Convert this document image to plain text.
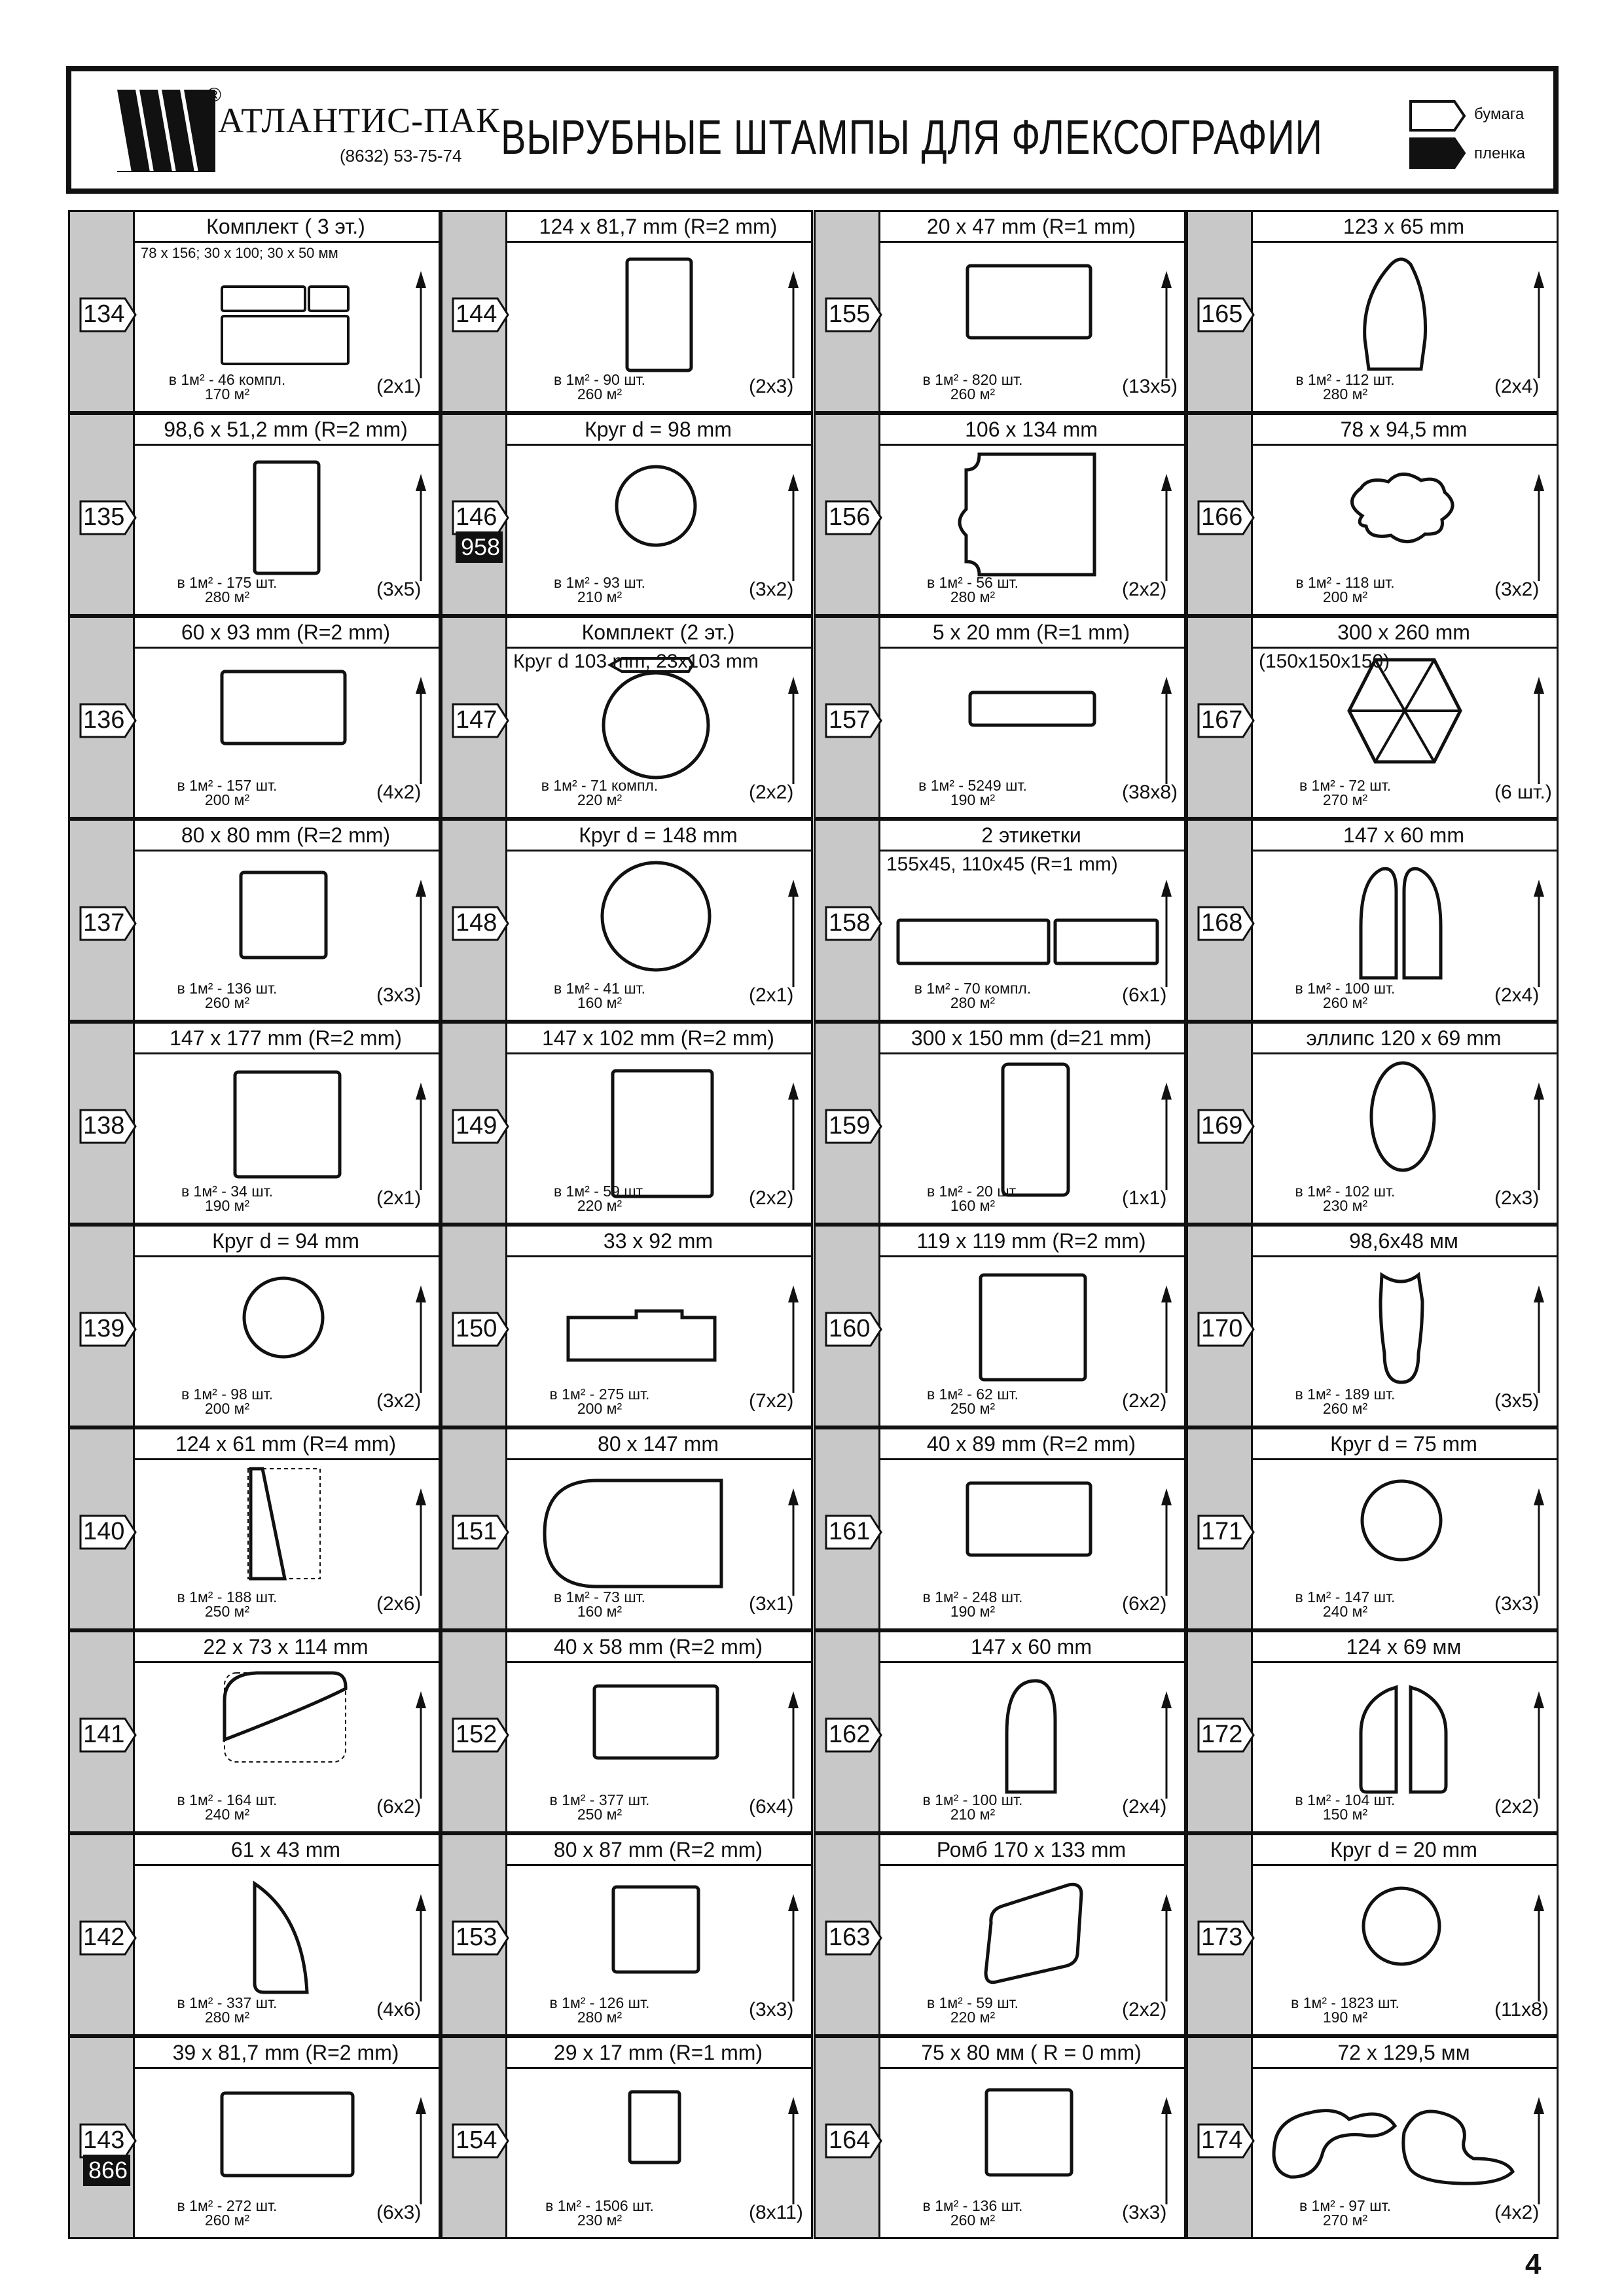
®
АТЛАНТИС-ПАК
(8632) 53-75-74 ВЫРУБНЫЕ ШТАМПЫ ДЛЯ ФЛЕКСОГРАФИИ	бумага
пленка
Комплект ( 3 эт.)
134
78 x 156; 30 x 100; 30 x 50 мм
в 1м² - 46 компл.
170 м²	(2x1)
98,6 x 51,2 mm (R=2 mm)
135
в 1м² - 175 шт.
280 м²	(3x5)
60 x 93 mm (R=2 mm)
136
в 1м² - 157 шт.
200 м²	(4x2)
80 x 80 mm (R=2 mm)
137
в 1м² - 136 шт.
260 м²	(3x3)
147 x 177 mm (R=2 mm)
138
в 1м² - 34 шт.
190 м²	(2x1)
Круг d = 94 mm
139
в 1м² - 98 шт.
200 м²	(3x2)
124 x 61 mm (R=4 mm)
140
в 1м² - 188 шт.
250 м²	(2x6)
22 x 73 x 114 mm
141
в 1м² - 164 шт.
240 м²	(6x2)
61 x 43 mm
142
в 1м² - 337 шт.
280 м²	(4x6)
39 x 81,7 mm (R=2 mm)
143
866
в 1м² - 272 шт.
260 м²	(6x3)
124 x 81,7 mm (R=2 mm)
144
в 1м² - 90 шт.
260 м²	(2x3)
Круг d = 98 mm
146
958
в 1м² - 93 шт.
210 м²	(3x2)
Комплект (2 эт.)
147
Круг d 103 mm; 23x103 mm
в 1м² - 71 компл.
220 м²	(2x2)
Круг d = 148 mm
148
в 1м² - 41 шт.
160 м²	(2x1)
147 x 102 mm (R=2 mm)
149
в 1м² - 59 шт.
220 м²	(2x2)
33 x 92 mm
150
в 1м² - 275 шт.
200 м²	(7x2)
80 x 147 mm
151
в 1м² - 73 шт.
160 м²	(3x1)
40 x 58 mm (R=2 mm)
152
в 1м² - 377 шт.
250 м²	(6x4)
80 x 87 mm (R=2 mm)
153
в 1м² - 126 шт.
280 м²	(3x3)
29 x 17 mm (R=1 mm)
154
в 1м² - 1506 шт.
230 м²	(8x11)
20 x 47 mm (R=1 mm)
155
в 1м² - 820 шт.
260 м²	(13x5)
106 x 134 mm
156
в 1м² - 56 шт.
280 м²	(2x2)
5 x 20 mm (R=1 mm)
157
в 1м² - 5249 шт.
190 м²	(38x8)
2 этикетки
158
155x45, 110x45 (R=1 mm)
в 1м² - 70 компл.
280 м²	(6x1)
300 x 150 mm (d=21 mm)
159
в 1м² - 20 шт.
160 м²	(1x1)
119 x 119 mm (R=2 mm)
160
в 1м² - 62 шт.
250 м²	(2x2)
40 x 89 mm (R=2 mm)
161
в 1м² - 248 шт.
190 м²	(6x2)
147 x 60 mm
162
в 1м² - 100 шт.
210 м²	(2x4)
Ромб 170 x 133 mm
163
в 1м² - 59 шт.
220 м²	(2x2)
75 x 80 мм ( R = 0 mm)
164
в 1м² - 136 шт.
260 м²	(3x3)
123 x 65 mm
165
в 1м² - 112 шт.
280 м²	(2x4)
78 x 94,5 mm
166
в 1м² - 118 шт.
200 м²	(3x2)
300 x 260 mm
167
(150x150x150)
в 1м² - 72 шт.
270 м²	(6 шт.)
147 x 60 mm
168
в 1м² - 100 шт.
260 м²	(2x4)
эллипс 120 x 69 mm
169
в 1м² - 102 шт.
230 м²	(2x3)
98,6x48 мм
170
в 1м² - 189 шт.
260 м²	(3x5)
Круг d = 75 mm
171
в 1м² - 147 шт.
240 м²	(3x3)
124 x 69 мм
172
в 1м² - 104 шт.
150 м²	(2x2)
Круг d = 20 mm
173
в 1м² - 1823 шт.
190 м²	(11x8)
72 x 129,5 мм
174
в 1м² - 97 шт.
270 м²	(4x2)
4
